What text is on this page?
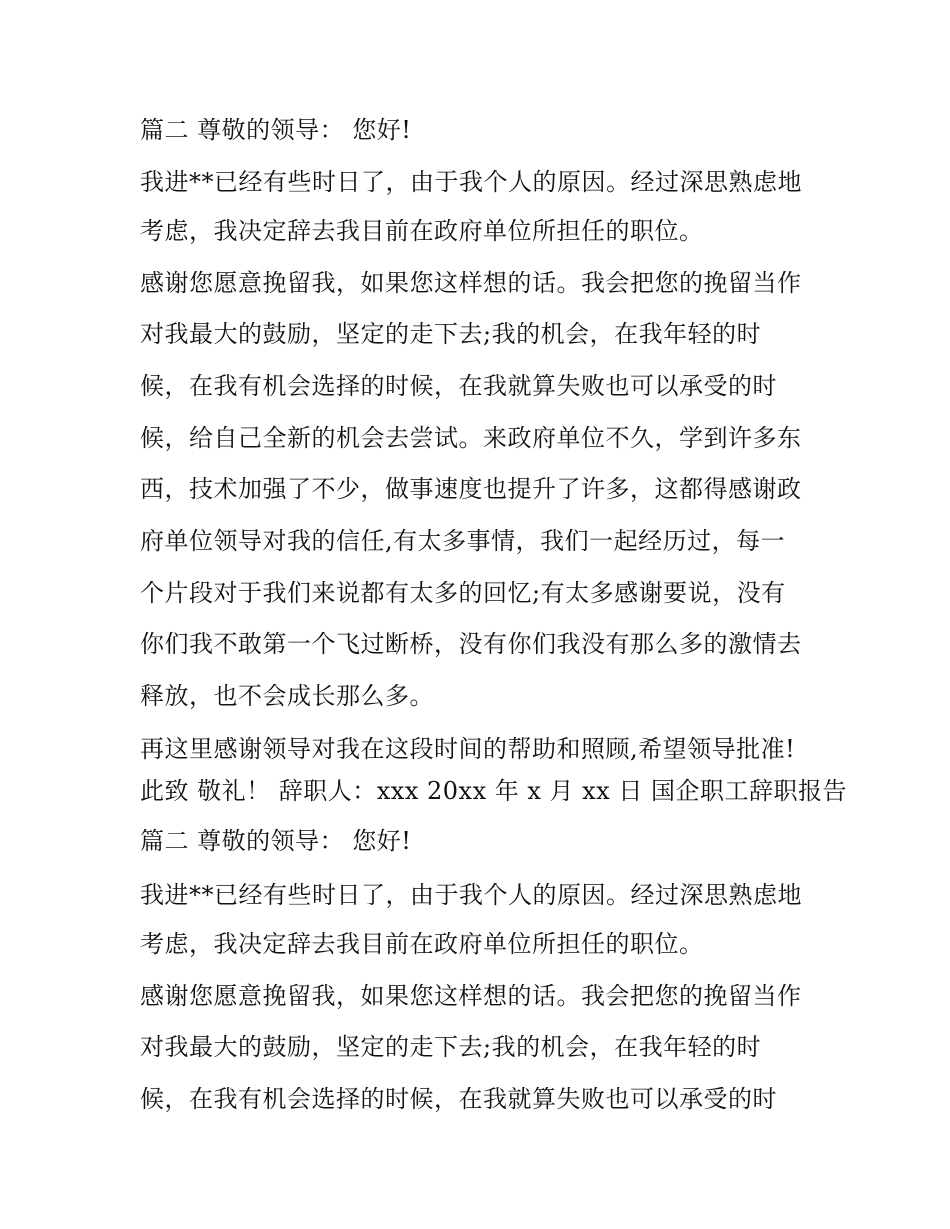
篇二 尊敬的领导： 您好!
我进**已经有些时日了，由于我个人的原因。经过深思熟虑地
考虑，我决定辞去我目前在政府单位所担任的职位。
感谢您愿意挽留我，如果您这样想的话。我会把您的挽留当作
对我最大的鼓励，坚定的走下去;我的机会，在我年轻的时
候，在我有机会选择的时候，在我就算失败也可以承受的时
候，给自己全新的机会去尝试。来政府单位不久，学到许多东
西，技术加强了不少，做事速度也提升了许多，这都得感谢政
府单位领导对我的信任,有太多事情，我们一起经历过，每一
个片段对于我们来说都有太多的回忆;有太多感谢要说，没有
你们我不敢第一个飞过断桥，没有你们我没有那么多的激情去
释放，也不会成长那么多。
再这里感谢领导对我在这段时间的帮助和照顾,希望领导批准!
此致 敬礼！ 辞职人：xxx 20xx 年 x 月 xx 日 国企职工辞职报告
篇二 尊敬的领导： 您好!
我进**已经有些时日了，由于我个人的原因。经过深思熟虑地
考虑，我决定辞去我目前在政府单位所担任的职位。
感谢您愿意挽留我，如果您这样想的话。我会把您的挽留当作
对我最大的鼓励，坚定的走下去;我的机会，在我年轻的时
候，在我有机会选择的时候，在我就算失败也可以承受的时
